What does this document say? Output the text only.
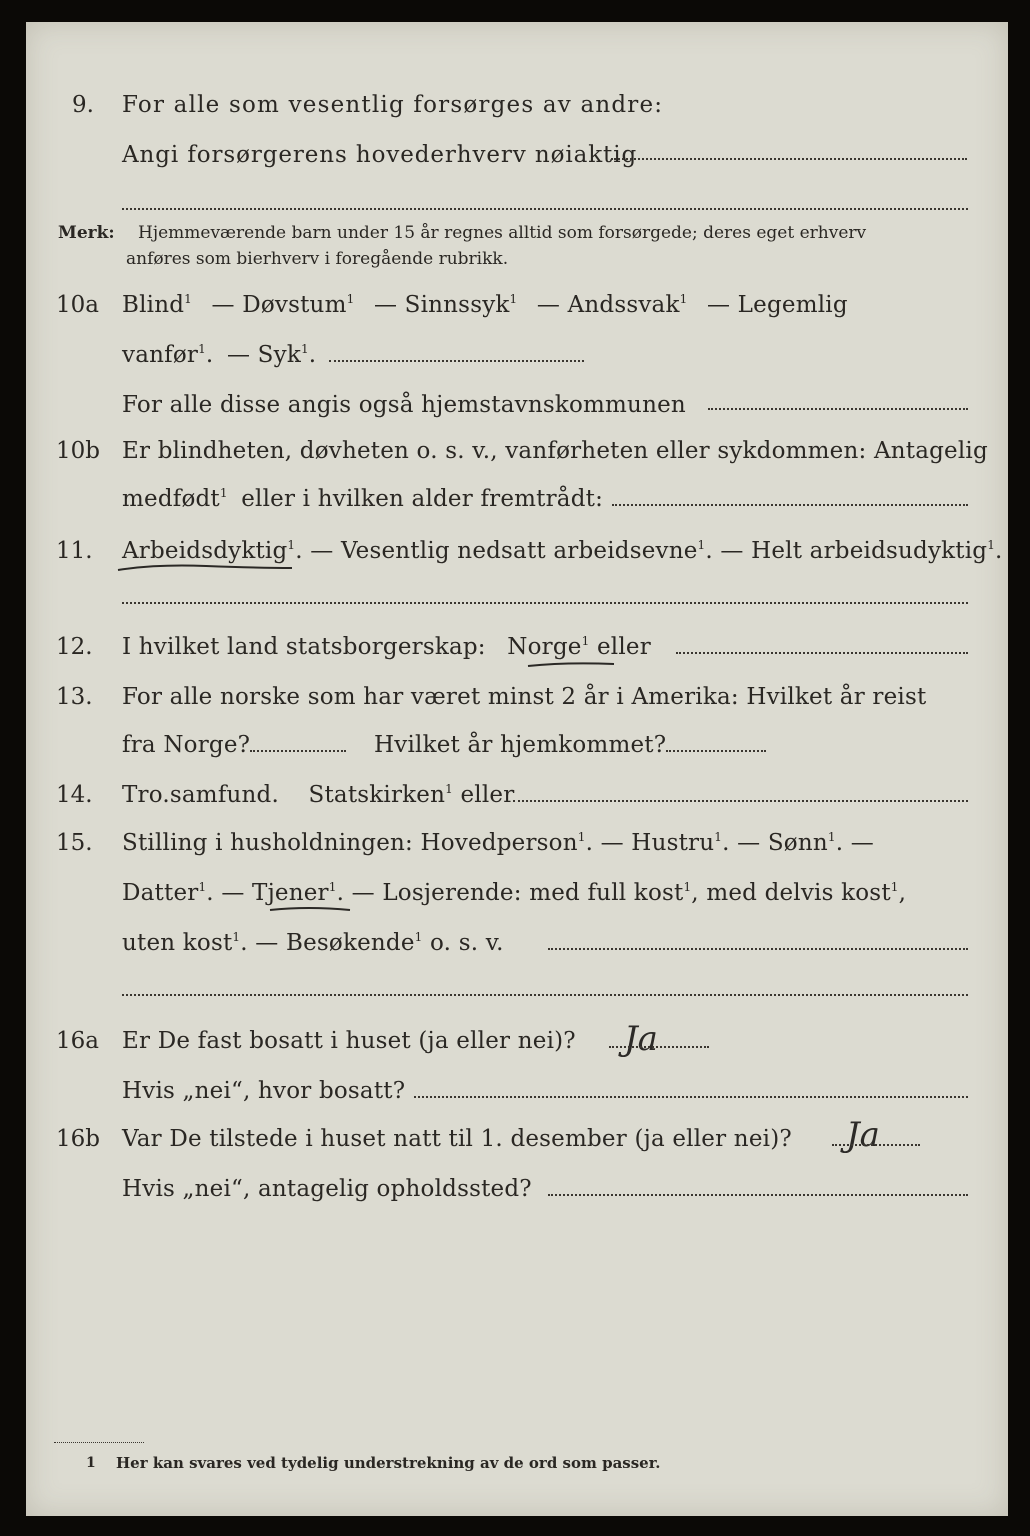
9. For alle som vesentlig forsørges av andre:
Angi forsørgerens hovederhverv nøiaktig
Merk: Hjemmeværende barn under 15 år regnes alltid som forsørgede; deres eget erhverv
anføres som bierhverv i foregående rubrikk.
10a Blind$^1$ — Døvstum$^1$ — Sinnssyk$^1$ — Andssvak$^1$ — Legemlig
vanfør$^1$. — Syk$^1$.
For alle disse angis også hjemstavnskommunen
10b Er blindheten, døvheten o. s. v., vanførheten eller sykdommen: Antagelig
medfødt$^1$ eller i hvilken alder fremtrådt:
11. Arbeidsdyktig$^1$. — Vesentlig nedsatt arbeidsevne$^1$. — Helt arbeidsudyktig$^1$.
12. I hvilket land statsborgerskap: Norge$^1$ eller
13. For alle norske som har været minst 2 år i Amerika: Hvilket år reist
fra Norge?	Hvilket år hjemkommet?
14. Tro.samfund. Statskirken$^1$ eller
15. Stilling i husholdningen: Hovedperson$^1$. — Hustru$^1$. — Sønn$^1$. —
Datter$^1$. — Tjener$^1$. — Losjerende: med full kost$^1$, med delvis kost$^1$,
uten kost$^1$. — Besøkende$^1$ o. s. v.
16a Er De fast bosatt i huset (ja eller nei)? Ja
Hvis „nei“, hvor bosatt?
16b Var De tilstede i huset natt til 1. desember (ja eller nei)? Ja
Hvis „nei“, antagelig opholdssted?
1 Her kan svares ved tydelig understrekning av de ord som passer.
